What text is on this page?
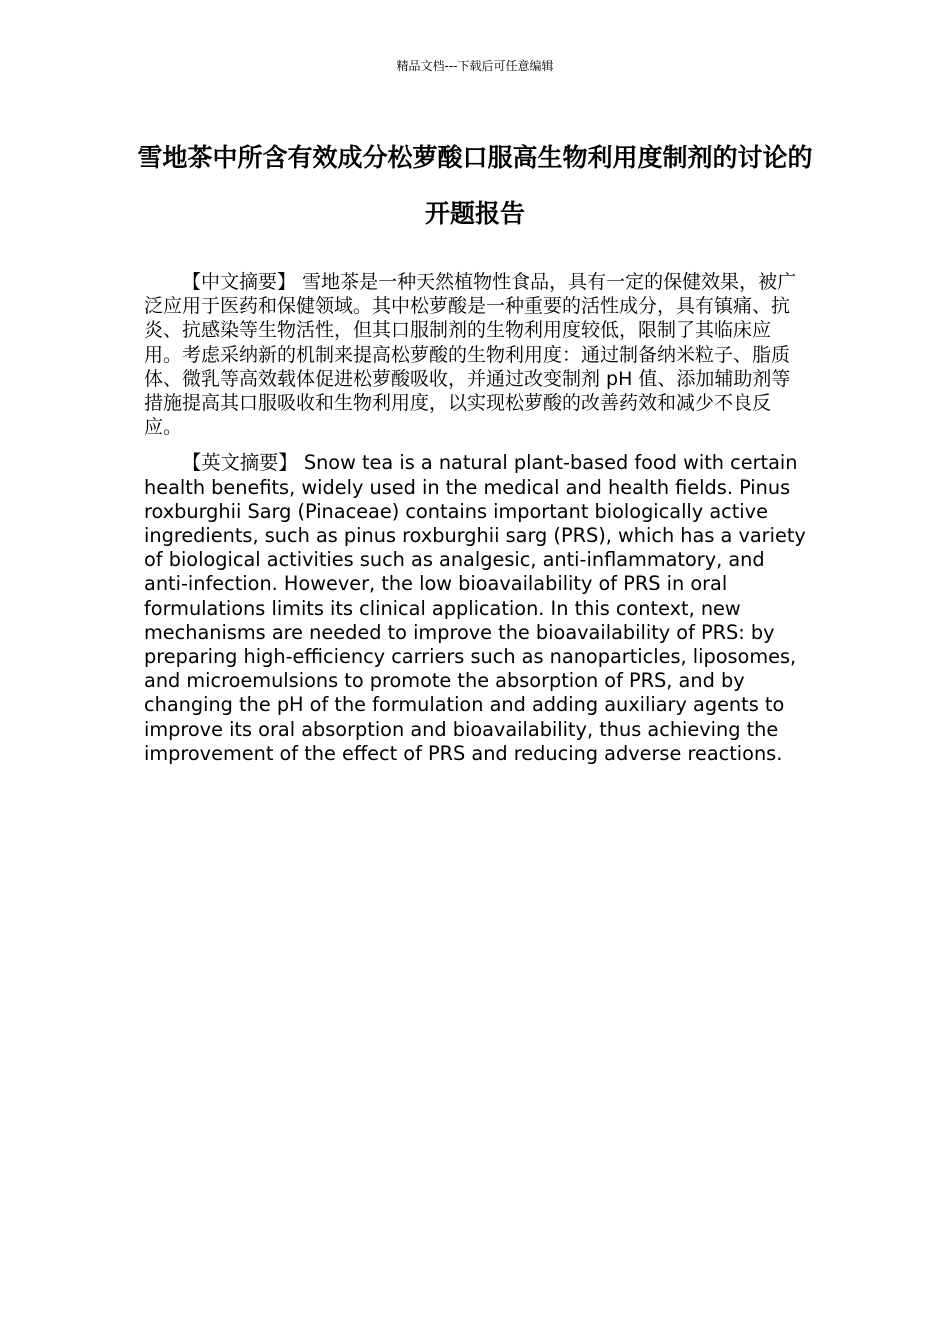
精品文档---下载后可任意编辑
雪地茶中所含有效成分松萝酸口服高生物利用度制剂的讨论的开题报告

【中文摘要】 雪地茶是一种天然植物性食品，具有一定的保健效果，被广泛应用于医药和保健领域。其中松萝酸是一种重要的活性成分，具有镇痛、抗炎、抗感染等生物活性，但其口服制剂的生物利用度较低，限制了其临床应用。考虑采纳新的机制来提高松萝酸的生物利用度：通过制备纳米粒子、脂质体、微乳等高效载体促进松萝酸吸收，并通过改变制剂 pH 值、添加辅助剂等措施提高其口服吸收和生物利用度，以实现松萝酸的改善药效和减少不良反应。

【英文摘要】 Snow tea is a natural plant-based food with certain health benefits, widely used in the medical and health fields. Pinus roxburghii Sarg (Pinaceae) contains important biologically active ingredients, such as pinus roxburghii sarg (PRS), which has a variety of biological activities such as analgesic, anti-inflammatory, and anti-infection. However, the low bioavailability of PRS in oral formulations limits its clinical application. In this context, new mechanisms are needed to improve the bioavailability of PRS: by preparing high-efficiency carriers such as nanoparticles, liposomes, and microemulsions to promote the absorption of PRS, and by changing the pH of the formulation and adding auxiliary agents to improve its oral absorption and bioavailability, thus achieving the improvement of the effect of PRS and reducing adverse reactions.
